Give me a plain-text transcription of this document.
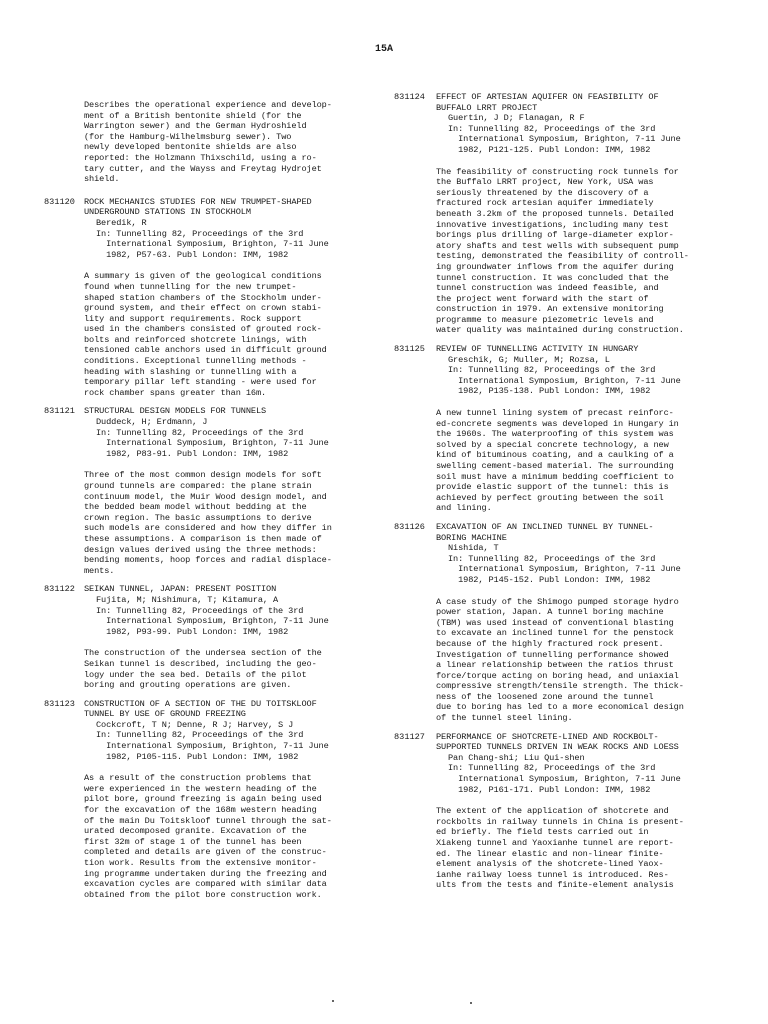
15A

Describes the operational experience and develop-
ment of a British bentonite shield (for the
Warrington sewer) and the German Hydroshield
(for the Hamburg-Wilhelmsburg sewer). Two
newly developed bentonite shields are also
reported: the Holzmann Thixschild, using a ro-
tary cutter, and the Wayss and Freytag Hydrojet
shield.

831120	ROCK MECHANICS STUDIES FOR NEW TRUMPET-SHAPED
UNDERGROUND STATIONS IN STOCKHOLM

Beredik, R

In: Tunnelling 82, Proceedings of the 3rd
International Symposium, Brighton, 7-11 June
1982, P57-63. Publ London: IMM, 1982

A summary is given of the geological conditions
found when tunnelling for the new trumpet-
shaped station chambers of the Stockholm under-
ground system, and their effect on crown stabi-
lity and support requirements. Rock support
used in the chambers consisted of grouted rock-
bolts and reinforced shotcrete linings, with
tensioned cable anchors used in difficult ground
conditions. Exceptional tunnelling methods -
heading with slashing or tunnelling with a
temporary pillar left standing - were used for
rock chamber spans greater than 16m.

831121	STRUCTURAL DESIGN MODELS FOR TUNNELS

Duddeck, H; Erdmann, J

In: Tunnelling 82, Proceedings of the 3rd
International Symposium, Brighton, 7-11 June
1982, P83-91. Publ London: IMM, 1982

Three of the most common design models for soft
ground tunnels are compared: the plane strain
continuum model, the Muir Wood design model, and
the bedded beam model without bedding at the
crown region. The basic assumptions to derive
such models are considered and how they differ in
these assumptions. A comparison is then made of
design values derived using the three methods:
bending moments, hoop forces and radial displace-
ments.

831122	SEIKAN TUNNEL, JAPAN: PRESENT POSITION

Fujita, M; Nishimura, T; Kitamura, A

In: Tunnelling 82, Proceedings of the 3rd
International Symposium, Brighton, 7-11 June
1982, P93-99. Publ London: IMM, 1982

The construction of the undersea section of the
Seikan tunnel is described, including the geo-
logy under the sea bed. Details of the pilot
boring and grouting operations are given.

831123	CONSTRUCTION OF A SECTION OF THE DU TOITSKLOOF
TUNNEL BY USE OF GROUND FREEZING

Cockcroft, T N; Denne, R J; Harvey, S J

In: Tunnelling 82, Proceedings of the 3rd
International Symposium, Brighton, 7-11 June
1982, P105-115. Publ London: IMM, 1982

As a result of the construction problems that
were experienced in the western heading of the
pilot bore, ground freezing is again being used
for the excavation of the 168m western heading
of the main Du Toitskloof tunnel through the sat-
urated decomposed granite. Excavation of the
first 32m of stage 1 of the tunnel has been
completed and details are given of the construc-
tion work. Results from the extensive monitor-
ing programme undertaken during the freezing and
excavation cycles are compared with similar data
obtained from the pilot bore construction work.

831124	EFFECT OF ARTESIAN AQUIFER ON FEASIBILITY OF
BUFFALO LRRT PROJECT

Guertin, J D; Flanagan, R F

In: Tunnelling 82, Proceedings of the 3rd
International Symposium, Brighton, 7-11 June
1982, P121-125. Publ London: IMM, 1982

The feasibility of constructing rock tunnels for
the Buffalo LRRT project, New York, USA was
seriously threatened by the discovery of a
fractured rock artesian aquifer immediately
beneath 3.2km of the proposed tunnels. Detailed
innovative investigations, including many test
borings plus drilling of large-diameter explor-
atory shafts and test wells with subsequent pump
testing, demonstrated the feasibility of controll-
ing groundwater inflows from the aquifer during
tunnel construction. It was concluded that the
tunnel construction was indeed feasible, and
the project went forward with the start of
construction in 1979. An extensive monitoring
programme to measure piezometric levels and
water quality was maintained during construction.

831125	REVIEW OF TUNNELLING ACTIVITY IN HUNGARY

Greschik, G; Muller, M; Rozsa, L

In: Tunnelling 82, Proceedings of the 3rd
International Symposium, Brighton, 7-11 June
1982, P135-138. Publ London: IMM, 1982

A new tunnel lining system of precast reinforc-
ed-concrete segments was developed in Hungary in
the 1960s. The waterproofing of this system was
solved by a special concrete technology, a new
kind of bituminous coating, and a caulking of a
swelling cement-based material. The surrounding
soil must have a minimum bedding coefficient to
provide elastic support of the tunnel: this is
achieved by perfect grouting between the soil
and lining.

831126	EXCAVATION OF AN INCLINED TUNNEL BY TUNNEL-
BORING MACHINE

Nishida, T

In: Tunnelling 82, Proceedings of the 3rd
International Symposium, Brighton, 7-11 June
1982, P145-152. Publ London: IMM, 1982

A case study of the Shimogo pumped storage hydro
power station, Japan. A tunnel boring machine
(TBM) was used instead of conventional blasting
to excavate an inclined tunnel for the penstock
because of the highly fractured rock present.
Investigation of tunnelling performance showed
a linear relationship between the ratios thrust
force/torque acting on boring head, and uniaxial
compressive strength/tensile strength. The thick-
ness of the loosened zone around the tunnel
due to boring has led to a more economical design
of the tunnel steel lining.

831127	PERFORMANCE OF SHOTCRETE-LINED AND ROCKBOLT-
SUPPORTED TUNNELS DRIVEN IN WEAK ROCKS AND LOESS

Pan Chang-shi; Liu Qui-shen

In: Tunnelling 82, Proceedings of the 3rd
International Symposium, Brighton, 7-11 June
1982, P161-171. Publ London: IMM, 1982

The extent of the application of shotcrete and
rockbolts in railway tunnels in China is present-
ed briefly. The field tests carried out in
Xiakeng tunnel and Yaoxianhe tunnel are report-
ed. The linear elastic and non-linear finite-
element analysis of the shotcrete-lined Yaox-
ianhe railway loess tunnel is introduced. Res-
ults from the tests and finite-element analysis
